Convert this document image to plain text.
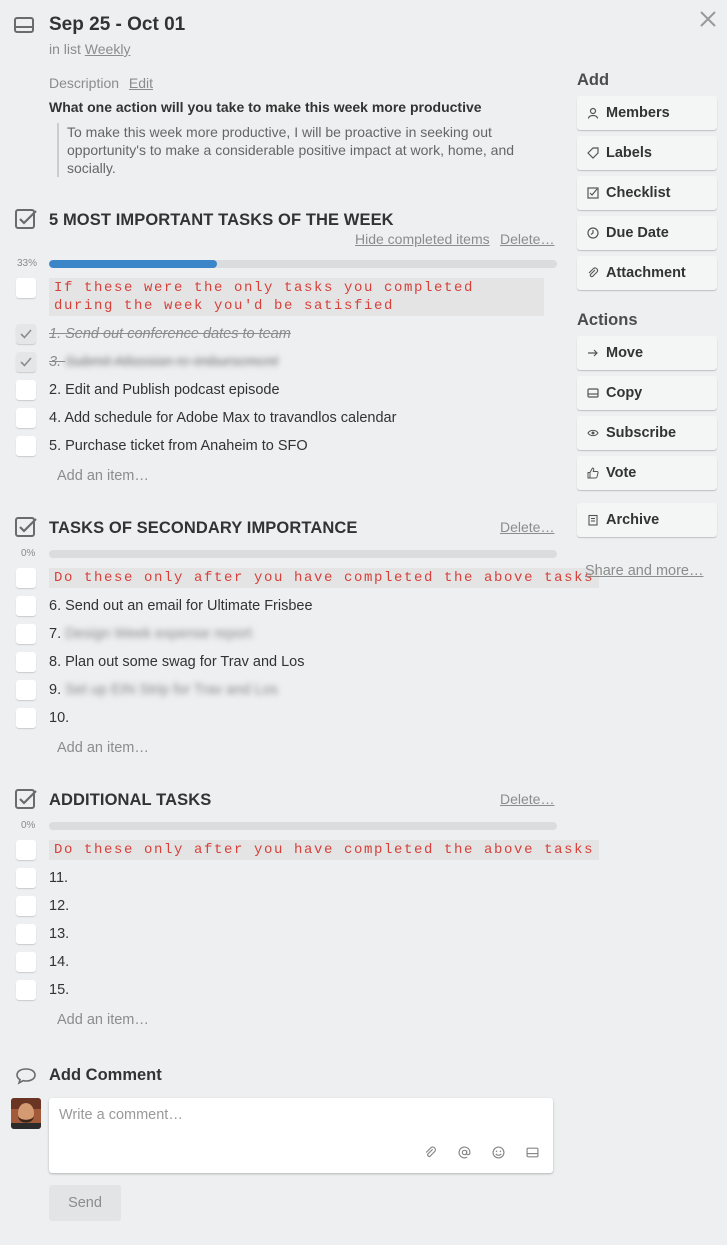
Sep 25 - Oct 01
in list Weekly
Description Edit
What one action will you take to make this week more productive
To make this week more productive, I will be proactive in seeking out opportunity's to make a considerable positive impact at work, home, and socially.
5 MOST IMPORTANT TASKS OF THE WEEK
Hide completed items Delete…
33%
If these were the only tasks you completed during the week you'd be satisfied
1. Send out conference dates to team
3. Submit Atlassian re-imbursement
2. Edit and Publish podcast episode
4. Add schedule for Adobe Max to travandlos calendar
5. Purchase ticket from Anaheim to SFO
Add an item…
TASKS OF SECONDARY IMPORTANCE	Delete…
0%
Do these only after you have completed the above tasks
6. Send out an email for Ultimate Frisbee
7. Design Week expense report
8. Plan out some swag for Trav and Los
9. Set up EIN Strip for Trav and Los
10.
Add an item…
ADDITIONAL TASKS	Delete…
0%
Do these only after you have completed the above tasks
11.
12.
13.
14.
15.
Add an item…
Add
Members
Labels
Checklist
Due Date
Attachment
Actions
Move
Copy
Subscribe
Vote
Archive
Share and more…
Add Comment
Write a comment…
Send
